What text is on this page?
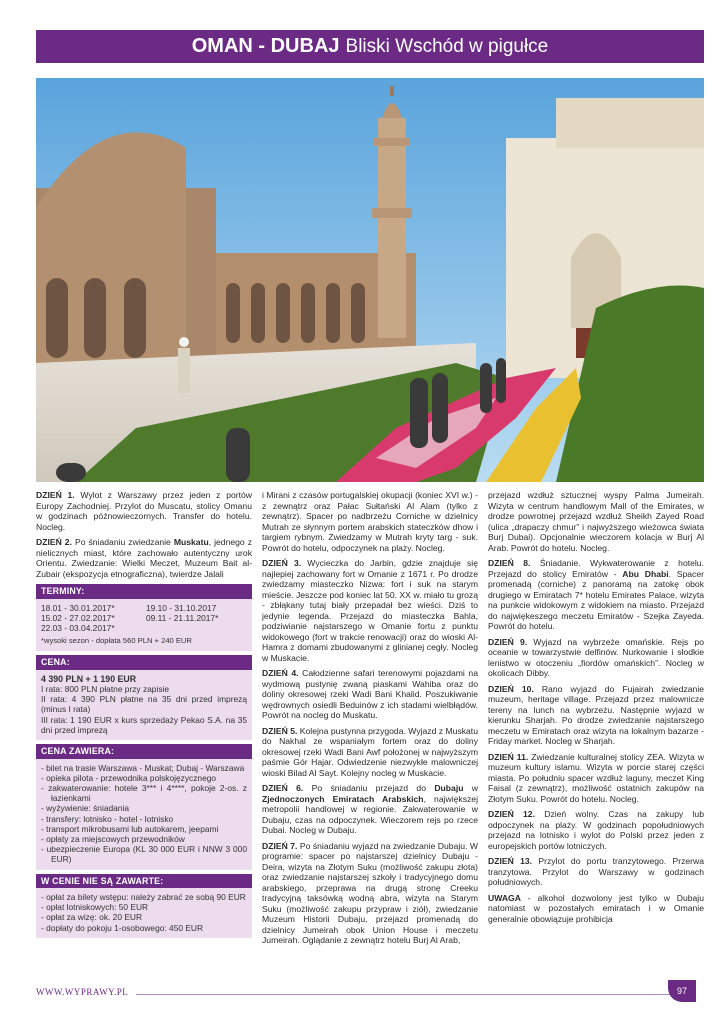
OMAN - DUBAJ Bliski Wschód w pigułce
DZIEŃ 1. Wylot z Warszawy przez jeden z portów Europy Zachodniej. Przylot do Muscatu, stolicy Omanu w godzinach późnowieczornych. Transfer do hotelu. Nocleg.
DZIEŃ 2. Po śniadaniu zwiedzanie Muskatu, jednego z nielicznych miast, które zachowało autentyczny urok Orientu. Zwiedzanie: Wielki Meczet, Muzeum Bait al-Zubair (ekspozycja etnograficzna), twierdze Jalali
TERMINY:
18.01 - 30.01.2017*	19.10 - 31.10.2017
15.02 - 27.02.2017*	09.11 - 21.11.2017*
22.03 - 03.04.2017*
*wysoki sezon - dopłata 560 PLN + 240 EUR
CENA:
4 390 PLN + 1 190 EUR
I rata: 800 PLN płatne przy zapisie
II rata: 4 390 PLN płatne na 35 dni przed imprezą (minus I rata)
III rata: 1 190 EUR x kurs sprzedaży Pekao S.A. na 35 dni przed imprezą
CENA ZAWIERA:
- bilet na trasie Warszawa - Muskat; Dubaj - Warszawa
- opieka pilota - przewodnika polskojęzycznego
- zakwaterowanie: hotele 3*** i 4****, pokoje 2-os. z łazienkami
- wyżywienie: śniadania
- transfery: lotnisko - hotel - lotnisko
- transport mikrobusami lub autokarem, jeepami
- opłaty za miejscowych przewodników
- ubezpieczenie Europa (KL 30 000 EUR i NNW 3 000 EUR)
W CENIE NIE SĄ ZAWARTE:
- opłat za bilety wstępu: należy zabrać ze sobą 90 EUR
- opłat lotniskowych: 50 EUR
- opłat za wizę: ok. 20 EUR
- dopłaty do pokoju 1-osobowego: 450 EUR
i Mirani z czasów portugalskiej okupacji (koniec XVI w.) - z zewnątrz oraz Pałac Sułtański Al Alam (tylko z zewnątrz). Spacer po nadbrzeżu Corniche w dzielnicy Mutrah ze słynnym portem arabskich stateczków dhow i targiem rybnym. Zwiedzamy w Mutrah kryty targ - suk. Powrót do hotelu, odpoczynek na plaży. Nocleg.
DZIEŃ 3. Wycieczka do Jarbin, gdzie znajduje się najlepiej zachowany fort w Omanie z 1671 r. Po drodze zwiedzamy miasteczko Nizwa: fort i suk na starym mieście. Jeszcze pod koniec lat 50. XX w. miało tu grozą - zbłąkany tutaj biały przepadał bez wieści. Dziś to jedynie legenda. Przejazd do miasteczka Bahla, podziwianie najstarszego w Omanie fortu z punktu widokowego (fort w trakcie renowacji) oraz do wioski Al-Hamra z domami zbudowanymi z glinianej cegły. Nocleg w Muskacie.
DZIEŃ 4. Całodzienne safari terenowymi pojazdami na wydmową pustynię zwaną piaskami Wahiba oraz do doliny okresowej rzeki Wadi Bani Khalid. Poszukiwanie wędrownych osiedli Beduinów z ich stadami wielbłądów. Powrót na nocleg do Muskatu.
DZIEŃ 5. Kolejna pustynna przygoda. Wyjazd z Muskatu do Nakhal ze wspaniałym fortem oraz do doliny okresowej rzeki Wadi Bani Awf położonej w najwyższym paśmie Gór Hajar. Odwiedzenie niezwykłe malowniczej wioski Bilad Al Sayt. Kolejny nocleg w Muskacie.
DZIEŃ 6. Po śniadaniu przejazd do Dubaju w Zjednoczonych Emiratach Arabskich, największej metropolii handlowej w regionie. Zakwaterowanie w Dubaju, czas na odpoczynek. Wieczorem rejs po rzece Dubai. Nocleg w Dubaju.
DZIEŃ 7. Po śniadaniu wyjazd na zwiedzanie Dubaju. W programie: spacer po najstarszej dzielnicy Dubaju - Deira, wizyta na Złotym Suku (możliwość zakupu złota) oraz zwiedzanie najstarszej szkoły i tradycyjnego domu arabskiego, przeprawa na drugą stronę Creeku tradycyjną taksówką wodną abra, wizyta na Starym Suku (możliwość zakupu przypraw i ziół), zwiedzanie Muzeum Historii Dubaju, przejazd promenadą do dzielnicy Jumeirah obok Union House i meczetu Jumeirah. Oglądanie z zewnątrz hotelu Burj Al Arab,
przejazd wzdłuż sztucznej wyspy Palma Jumeirah. Wizyta w centrum handlowym Mall of the Emirates, w drodze powrotnej przejazd wzdłuż Sheikh Zayed Road (ulica „drapaczy chmur” i najwyższego wieżowca świata Burj Dubai). Opcjonalnie wieczorem kolacja w Burj Al Arab. Powrót do hotelu. Nocleg.
DZIEŃ 8. Śniadanie. Wykwaterowanie z hotelu. Przejazd do stolicy Emiratów - Abu Dhabi. Spacer promenadą (corniche) z panoramą na zatokę obok drugiego w Emiratach 7* hotelu Emirates Palace, wizyta na punkcie widokowym z widokiem na miasto. Przejazd do najwiękeszego meczetu Emiratów - Szejka Zayeda. Powrót do hotelu.
DZIEŃ 9. Wyjazd na wybrzeże omańskie. Rejs po oceanie w towarzystwie delfinów. Nurkowanie i słodkie lenistwo w otoczeniu „fiordów omańskich”. Nocleg w okolicach Dibby.
DZIEŃ 10. Rano wyjazd do Fujairah zwiedzanie muzeum, heritage village. Przejazd przez malownicze tereny na lunch na wybrzeżu. Następnie wyjazd w kierunku Sharjah. Po drodze zwiedzanie najstarszego meczetu w Emiratach oraz wizyta na lokalnym bazarze - Friday market. Nocleg w Sharjah.
DZIEŃ 11. Zwiedzanie kulturalnej stolicy ZEA. Wizyta w muzeum kultury islamu. Wizyta w porcie starej części miasta. Po południu spacer wzdłuż laguny, meczet King Faisal (z zewnątrz), możliwość ostatnich zakupów na Złotym Suku. Powrót do hotelu. Nocleg.
DZIEŃ 12. Dzień wolny. Czas na zakupy lub odpoczynek na plaży. W godzinach popołudniowych przejazd na lotnisko i wylot do Polski przez jeden z europejskich portów lotniczych.
DZIEŃ 13. Przylot do portu tranzytowego. Przerwa tranzytowa. Przylot do Warszawy w godzinach południowych.
UWAGA - alkohol dozwolony jest tylko w Dubaju natomiast w pozostałych emiratach i w Omanie generalnie obowiązuje prohibicja
WWW.WYPRAWY.PL	97
